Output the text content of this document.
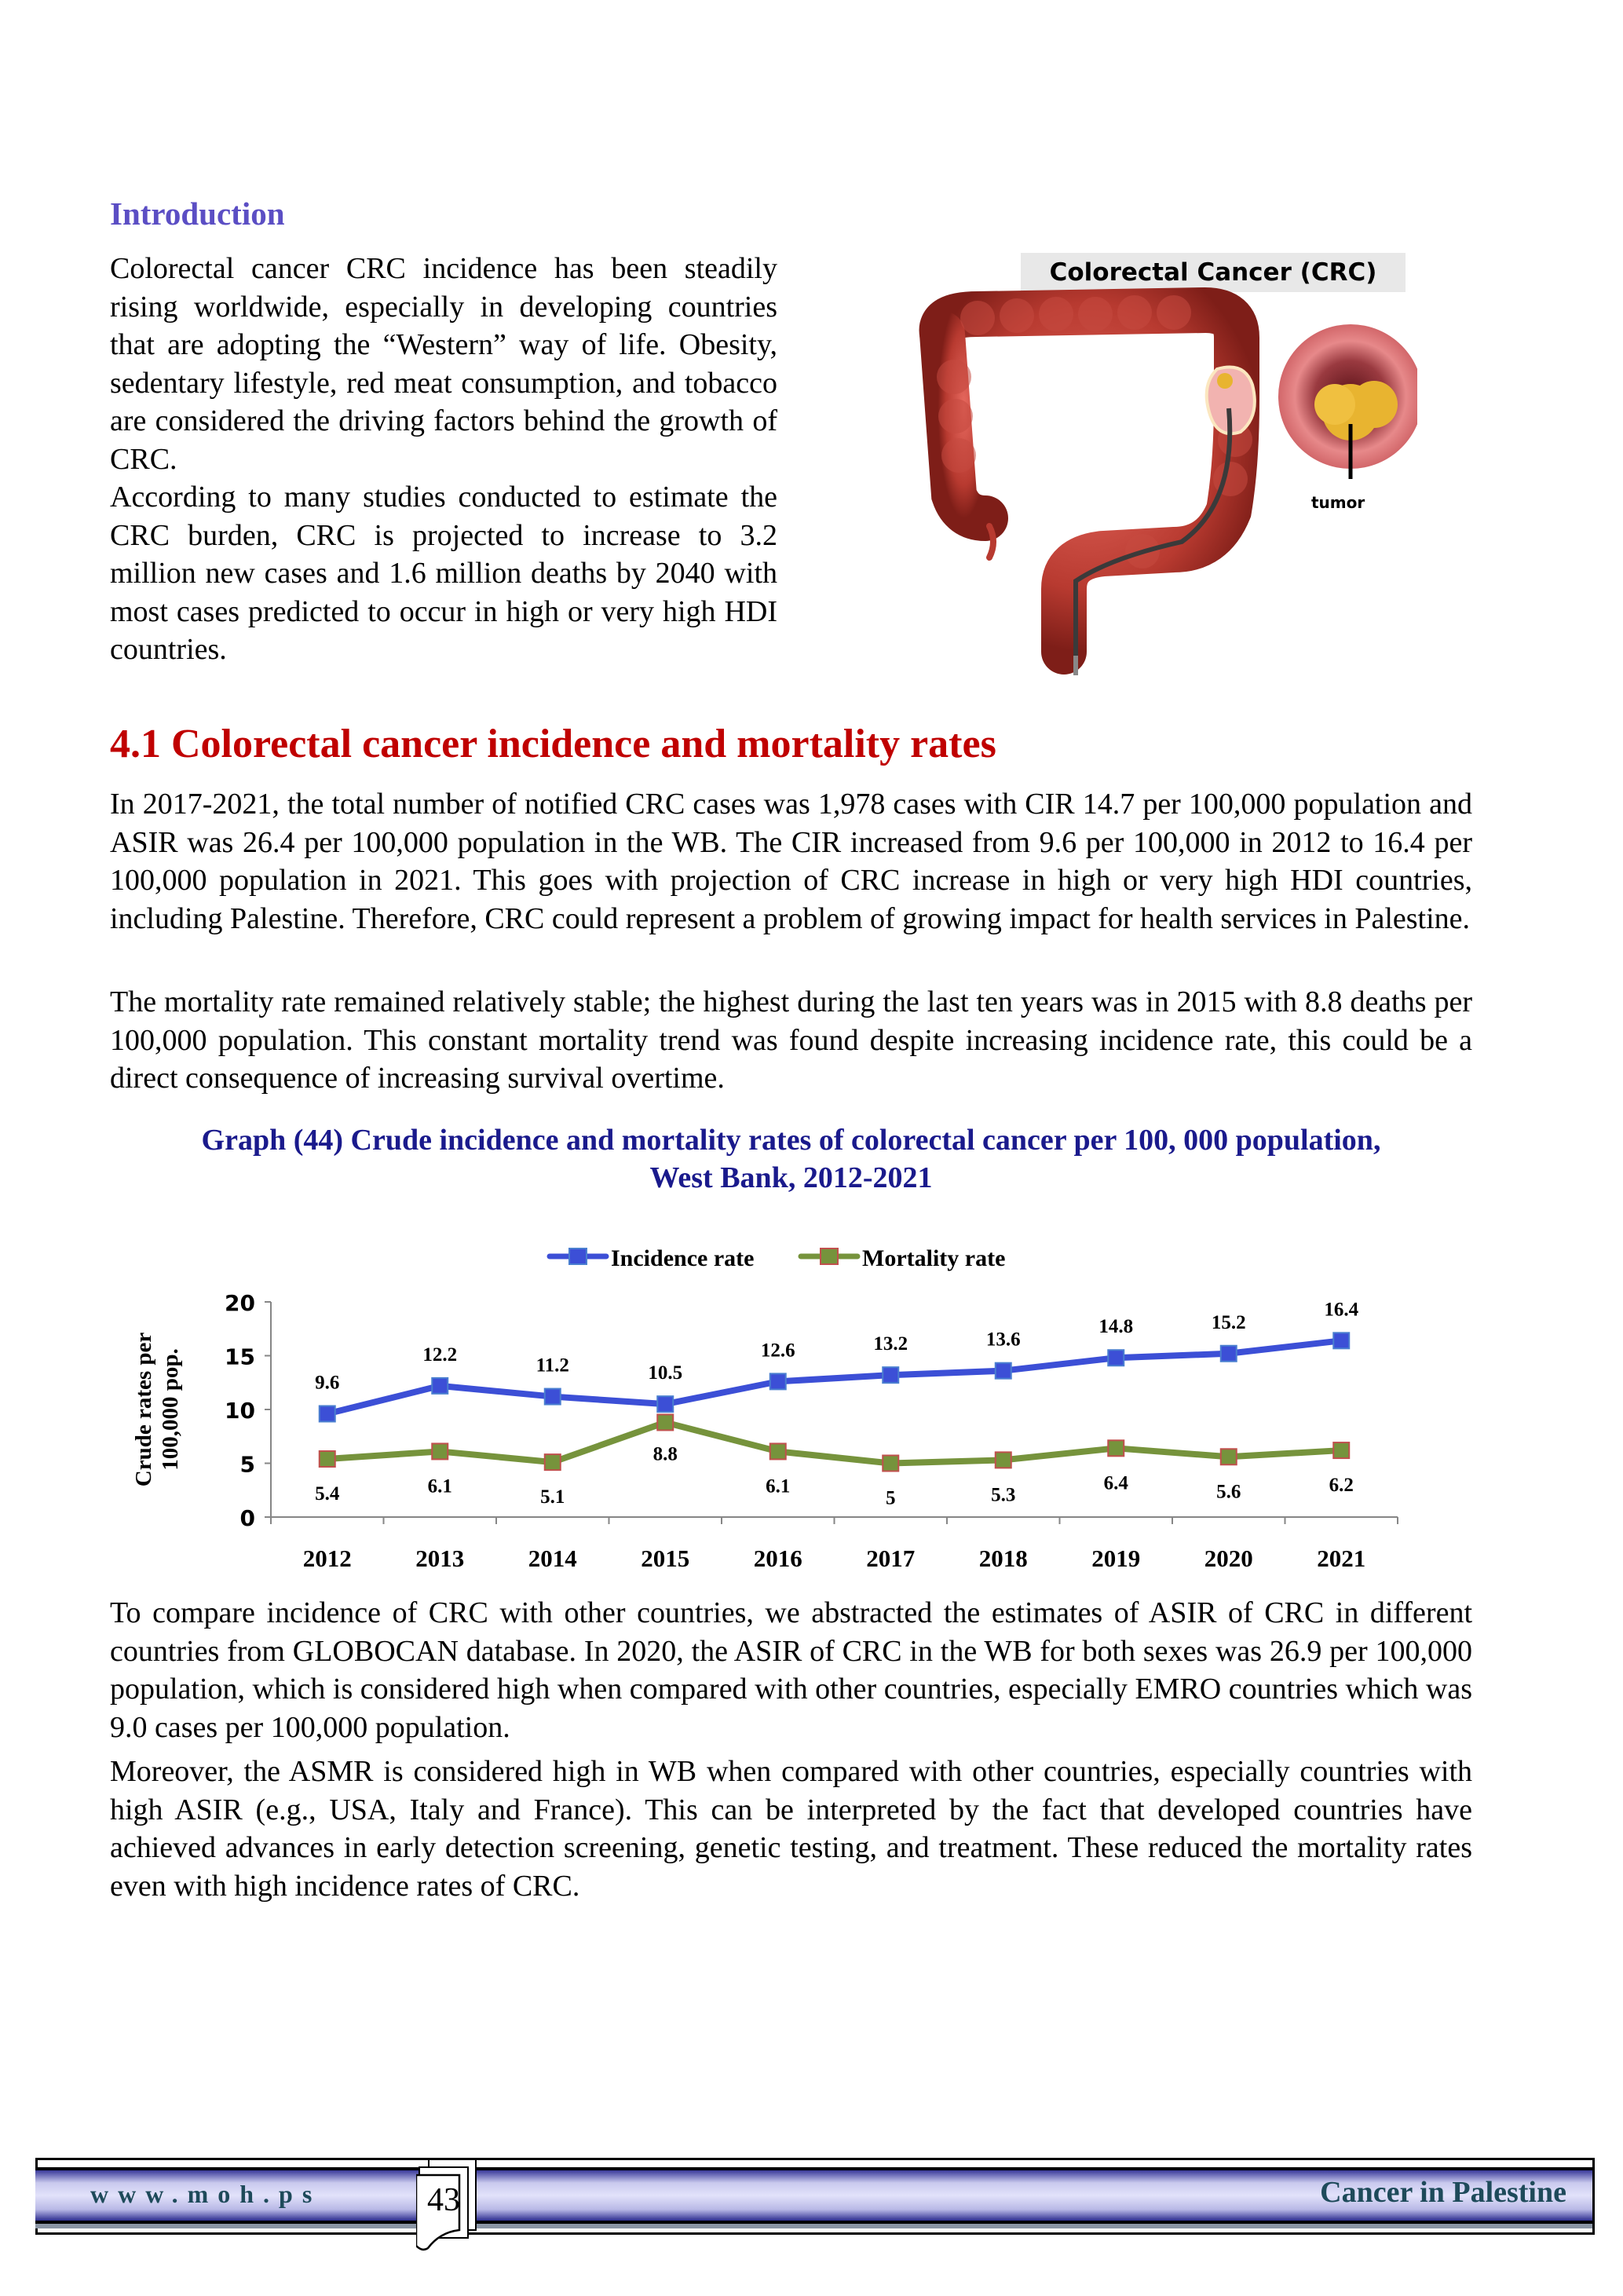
Introduction

Colorectal cancer CRC incidence has been steadily rising worldwide, especially in developing countries that are adopting the “Western” way of life. Obesity, sedentary lifestyle, red meat consumption, and tobacco are considered the driving factors behind the growth of CRC.

According to many studies conducted to estimate the CRC burden, CRC is projected to increase to 3.2 million new cases and 1.6 million deaths by 2040 with most cases predicted to occur in high or very high HDI countries.

Colorectal Cancer (CRC)
tumor
4.1 Colorectal cancer incidence and mortality rates

In 2017-2021, the total number of notified CRC cases was 1,978 cases with CIR 14.7 per 100,000 population and ASIR was 26.4 per 100,000 population in the WB. The CIR increased from 9.6 per 100,000 in 2012 to 16.4 per 100,000 population in 2021. This goes with projection of CRC increase in high or very high HDI countries, including Palestine. Therefore, CRC could represent a problem of growing impact for health services in Palestine.

The mortality rate remained relatively stable; the highest during the last ten years was in 2015 with 8.8 deaths per 100,000 population. This constant mortality trend was found despite increasing incidence rate, this could be a direct consequence of increasing survival overtime.

Graph (44) Crude incidence and mortality rates of colorectal cancer per 100, 000 population,
West Bank, 2012-2021
Incidence rate	Mortality rate
0
5
10
15
20
2012	2013	2014	2015	2016	2017	2018	2019	2020	2021
Crude rates per100,000 pop.	9.6
12.2
11.2	10.5
12.6	13.2	13.6
14.8	15.2
16.4
5.4	6.1
5.1
8.8
6.1
5	5.3
6.4	5.6	6.2

To compare incidence of CRC with other countries, we abstracted the estimates of ASIR of CRC in different countries from GLOBOCAN database. In 2020, the ASIR of CRC in the WB for both sexes was 26.9 per 100,000 population, which is considered high when compared with other countries, especially EMRO countries which was 9.0 cases per 100,000 population.

Moreover, the ASMR is considered high in WB when compared with other countries, especially countries with high ASIR (e.g., USA, Italy and France). This can be interpreted by the fact that developed countries have achieved advances in early detection screening, genetic testing, and treatment. These reduced the mortality rates even with high incidence rates of CRC.

www.moh.ps	Cancer in Palestine
43
